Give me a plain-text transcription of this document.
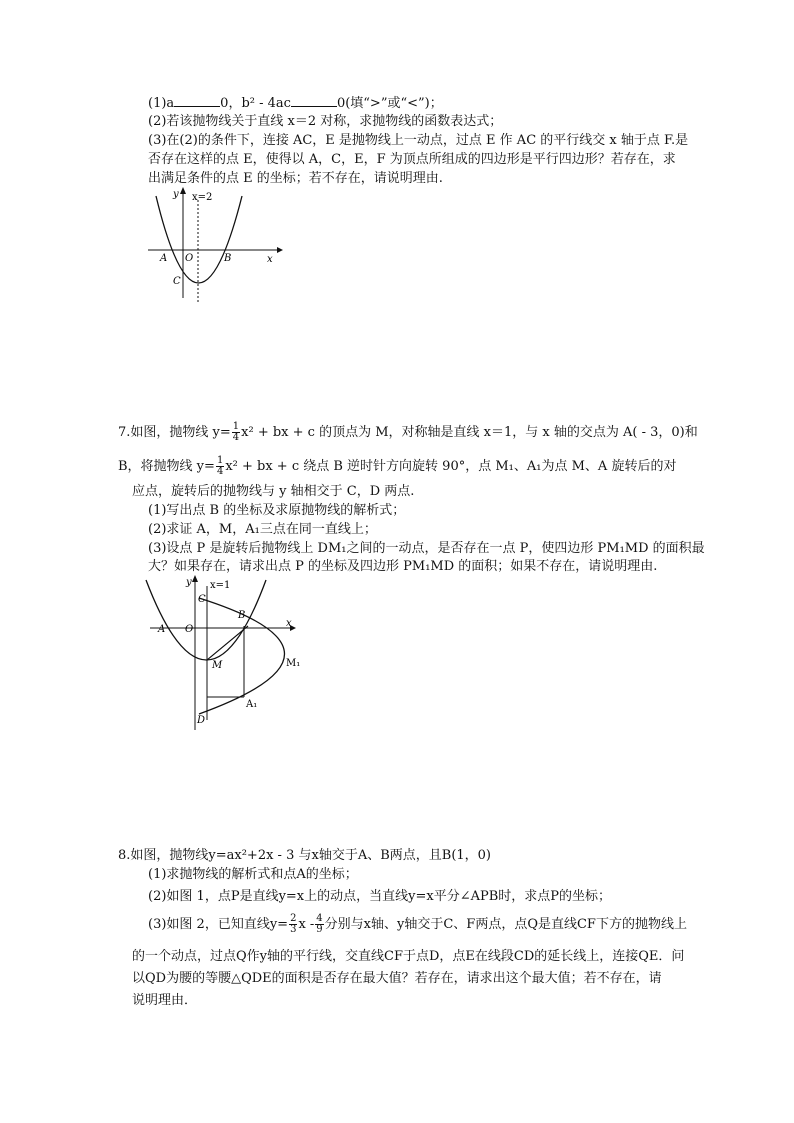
(1)a	0，b² - 4ac	0(填“>”或“<”)；
(2)若该抛物线关于直线 x＝2 对称，求抛物线的函数表达式；
(3)在(2)的条件下，连接 AC，E 是抛物线上一动点，过点 E 作 AC 的平行线交 x 轴于点 F.是
否存在这样的点 E，使得以 A，C，E，F 为顶点所组成的四边形是平行四边形？若存在，求
出满足条件的点 E 的坐标；若不存在，请说明理由.
y x=2
x
A O	B
C
7.如图，抛物线 $y= \frac{1}{4} x^2$ + bx + c 的顶点为 M，对称轴是直线 x＝1，与 x 轴的交点为 A( - 3，0)和
B，将抛物线 $y= \frac{1}{4} x^2$ + bx + c 绕点 B 逆时针方向旋转 90°，点 M₁、A₁为点 M、A 旋转后的对
应点，旋转后的抛物线与 y 轴相交于 C，D 两点.
(1)写出点 B 的坐标及求原抛物线的解析式；
(2)求证 A，M，A₁三点在同一直线上；
(3)设点 P 是旋转后抛物线上 DM₁之间的一动点，是否存在一点 P，使四边形 PM₁MD 的面积最
大？如果存在，请求出点 P 的坐标及四边形 PM₁MD 的面积；如果不存在，请说明理由.
y x=1
x
C
A O
B
M	M₁
A₁
D
8.如图，抛物线y=ax²+2x - 3 与x轴交于A、B两点，且B(1，0)
(1)求抛物线的解析式和点A的坐标；
(2)如图 1，点P是直线y=x上的动点，当直线y=x平分∠APB时，求点P的坐标；
(3)如图 2，已知直线$y= \frac{2}{3}$ x - $\frac{4}{9}$ 分别与x轴、y轴交于C、F两点，点Q是直线CF下方的抛物线上
的一个动点，过点Q作y轴的平行线，交直线CF于点D，点E在线段CD的延长线上，连接QE．问
以QD为腰的等腰△QDE的面积是否存在最大值？若存在，请求出这个最大值；若不存在，请
说明理由．
